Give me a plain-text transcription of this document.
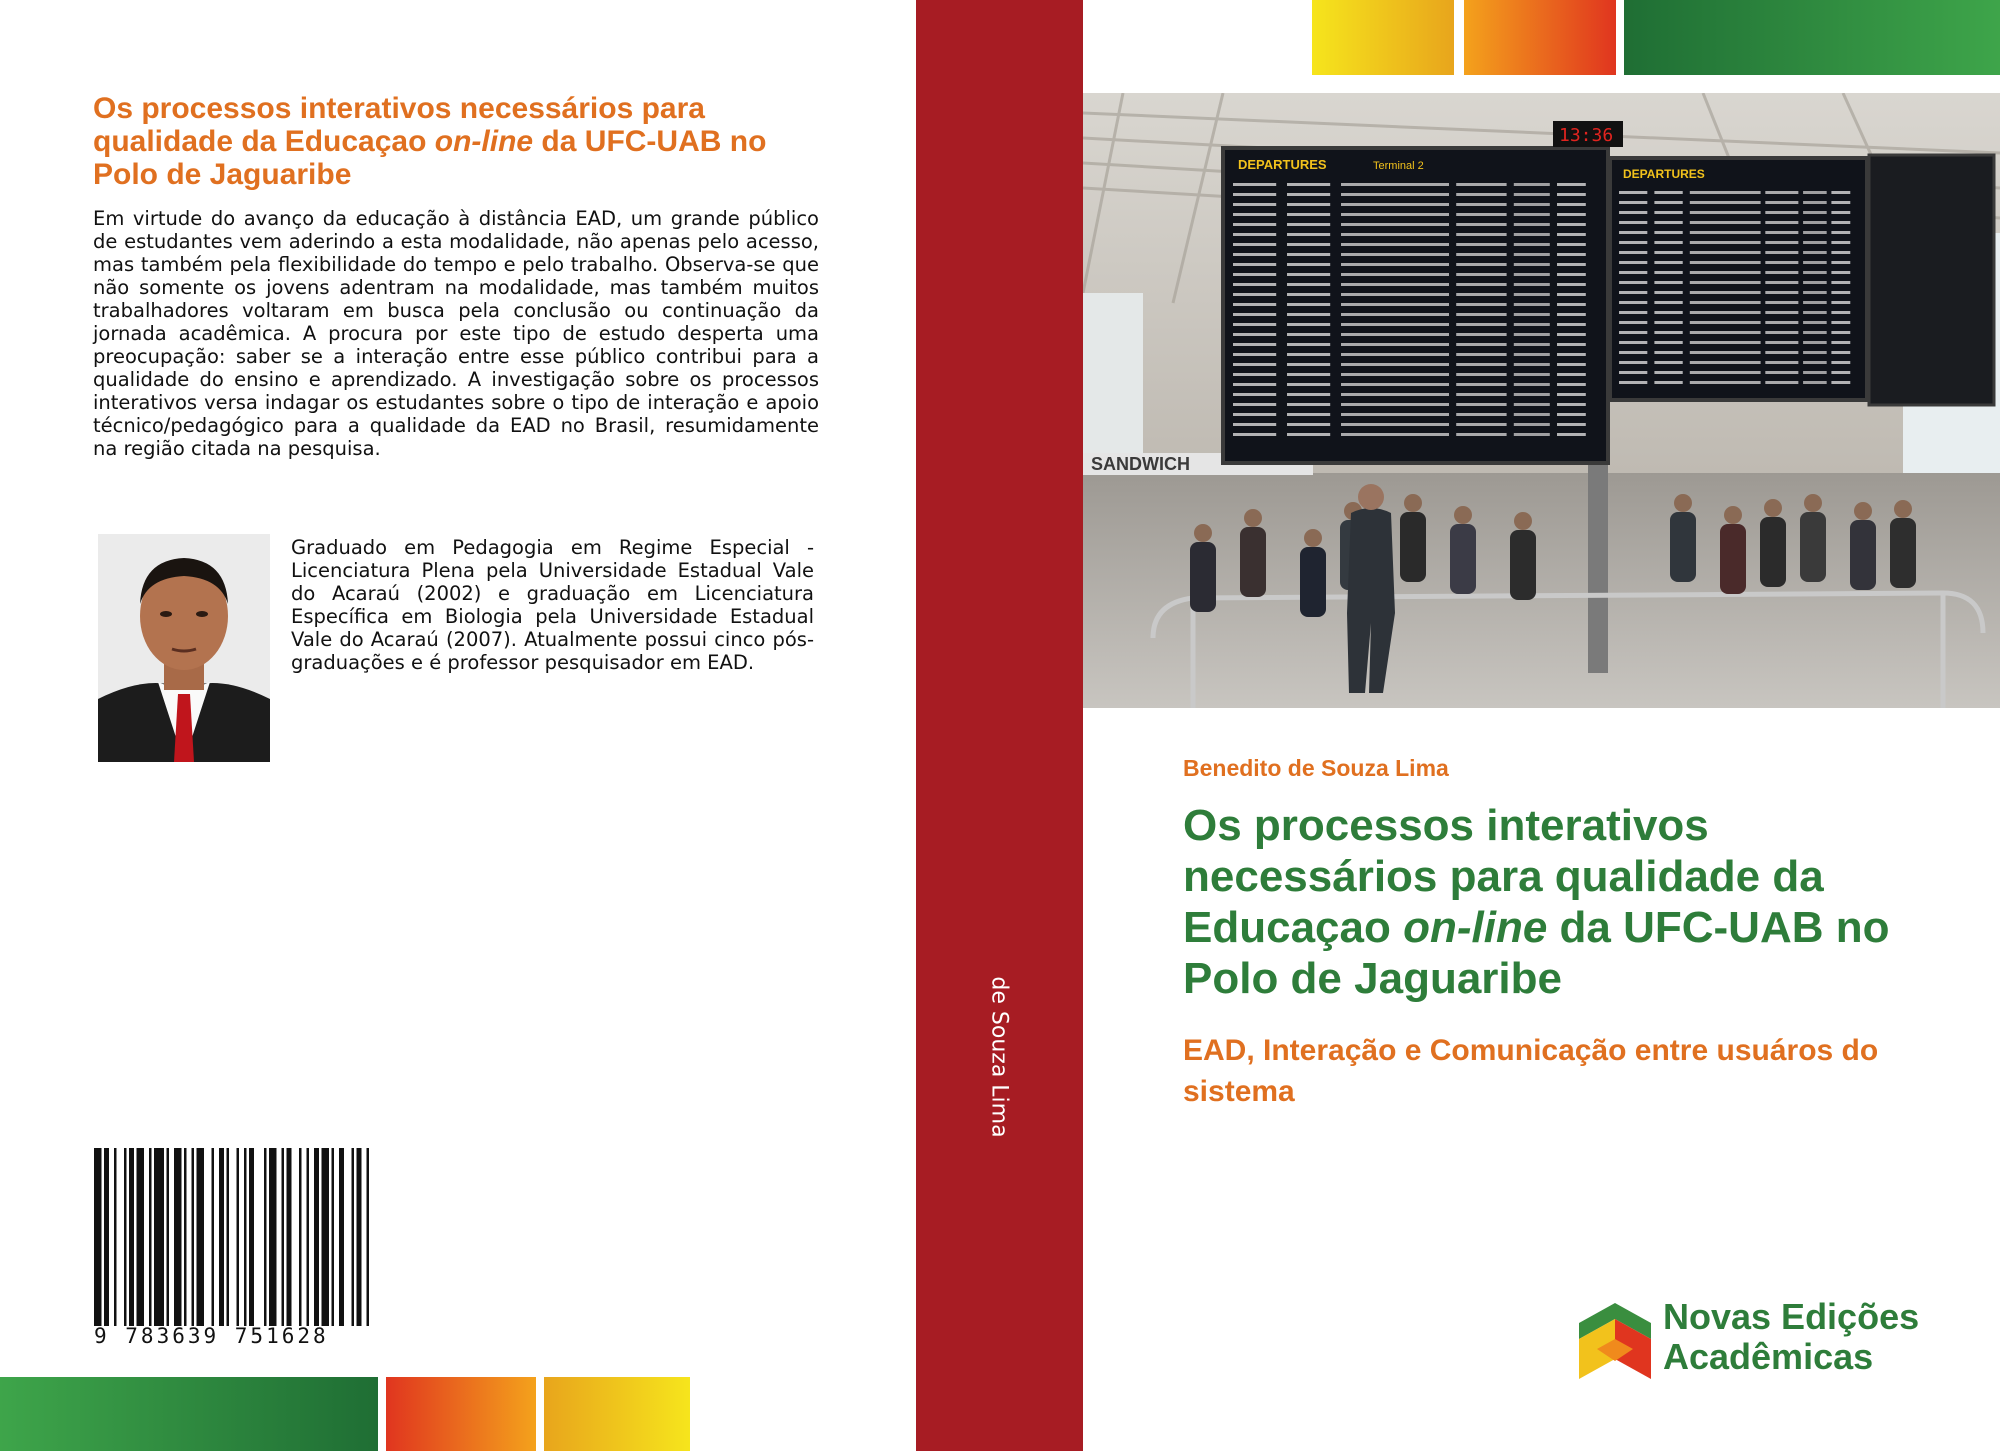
Os processos interativos necessários para qualidade da Educaçao on-line da UFC-UAB no Polo de Jaguaribe

Em virtude do avanço da educação à distância EAD, um grande público de estudantes vem aderindo a esta modalidade, não apenas pelo acesso, mas também pela flexibilidade do tempo e pelo trabalho. Observa-se que não somente os jovens adentram na modalidade, mas também muitos trabalhadores voltaram em busca pela conclusão ou continuação da jornada acadêmica. A procura por este tipo de estudo desperta uma preocupação: saber se a interação entre esse público contribui para a qualidade do ensino e aprendizado. A investigação sobre os processos interativos versa indagar os estudantes sobre o tipo de interação e apoio técnico/pedagógico para a qualidade da EAD no Brasil, resumidamente na região citada na pesquisa.

Graduado em Pedagogia em Regime Especial - Licenciatura Plena pela Universidade Estadual Vale do Acaraú (2002) e graduação em Licenciatura Específica em Biologia pela Universidade Estadual Vale do Acaraú (2007). Atualmente possui cinco pós-graduações e é professor pesquisador em EAD.

9 783639 751628
de Souza Lima
SANDWICH
DEPARTURES	Terminal 2
DEPARTURES
13:36
Benedito de Souza Lima
Os processos interativos necessários para qualidade da Educaçao on-line da UFC-UAB no Polo de Jaguaribe
EAD, Interação e Comunicação entre usuáros do sistema
Novas Edições
Acadêmicas
